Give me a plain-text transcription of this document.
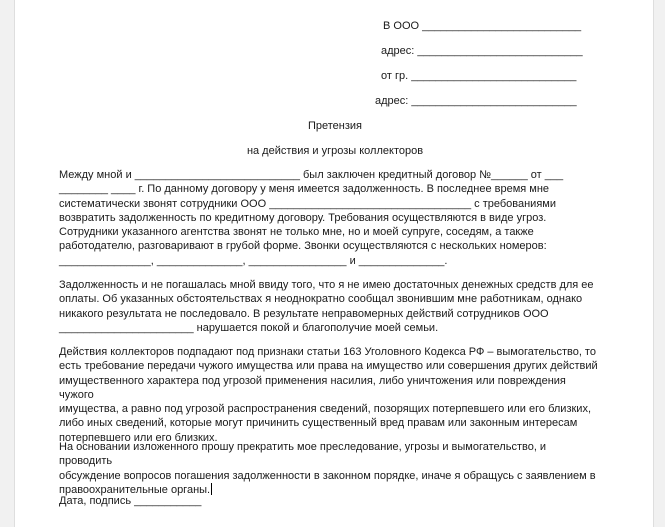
В ООО __________________________
адрес: ___________________________
от гр. ___________________________
адрес: ___________________________
Претензия
на действия и угрозы коллекторов
Между мной и ___________________________ был заключен кредитный договор №______ от ___
________ ____ г. По данному договору у меня имеется задолженность. В последнее время мне
систематически звонят сотрудники ООО _________________________________ с требованиями
возвратить задолженность по кредитному договору. Требования осуществляются в виде угроз.
Сотрудники указанного агентства звонят не только мне, но и моей супруге, соседям, а также
работодателю, разговаривают в грубой форме. Звонки осуществляются с нескольких номеров:
_______________, ______________, ________________ и ______________.
Задолженность и не погашалась мной ввиду того, что я не имею достаточных денежных средств для ее
оплаты. Об указанных обстоятельствах я неоднократно сообщал звонившим мне работникам, однако
никакого результата не последовало. В результате неправомерных действий сотрудников ООО
______________________ нарушается покой и благополучие моей семьи.
Действия коллекторов подпадают под признаки статьи 163 Уголовного Кодекса РФ – вымогательство, то
есть требование передачи чужого имущества или права на имущество или совершения других действий
имущественного характера под угрозой применения насилия, либо уничтожения или повреждения чужого
имущества, а равно под угрозой распространения сведений, позорящих потерпевшего или его близких,
либо иных сведений, которые могут причинить существенный вред правам или законным интересам
потерпевшего или его близких.
На основании изложенного прошу прекратить мое преследование, угрозы и вымогательство, и проводить
обсуждение вопросов погашения задолженности в законном порядке, иначе я обращусь с заявлением в
правоохранительные органы.
Дата, подпись ___________
